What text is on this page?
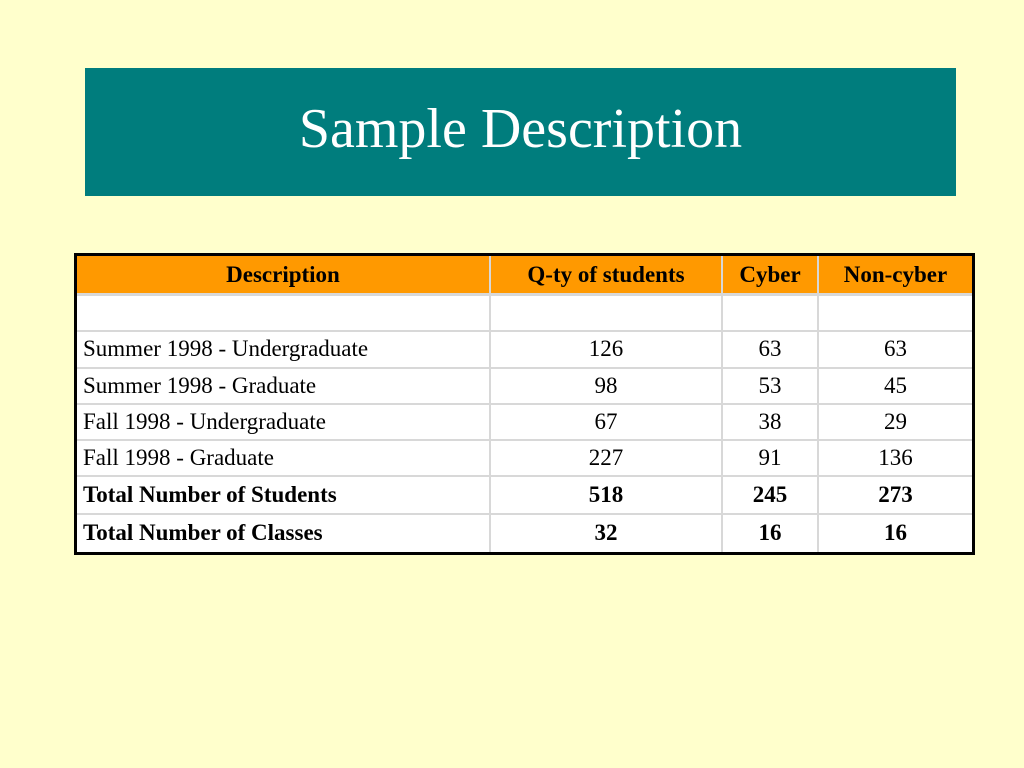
Sample Description
Description	Q-ty of students	Cyber	Non-cyber

Summer 1998 - Undergraduate	126	63	63
Summer 1998 - Graduate	98	53	45
Fall 1998 - Undergraduate	67	38	29
Fall 1998 - Graduate	227	91	136
Total Number of Students	518	245	273
Total Number of Classes	32	16	16
